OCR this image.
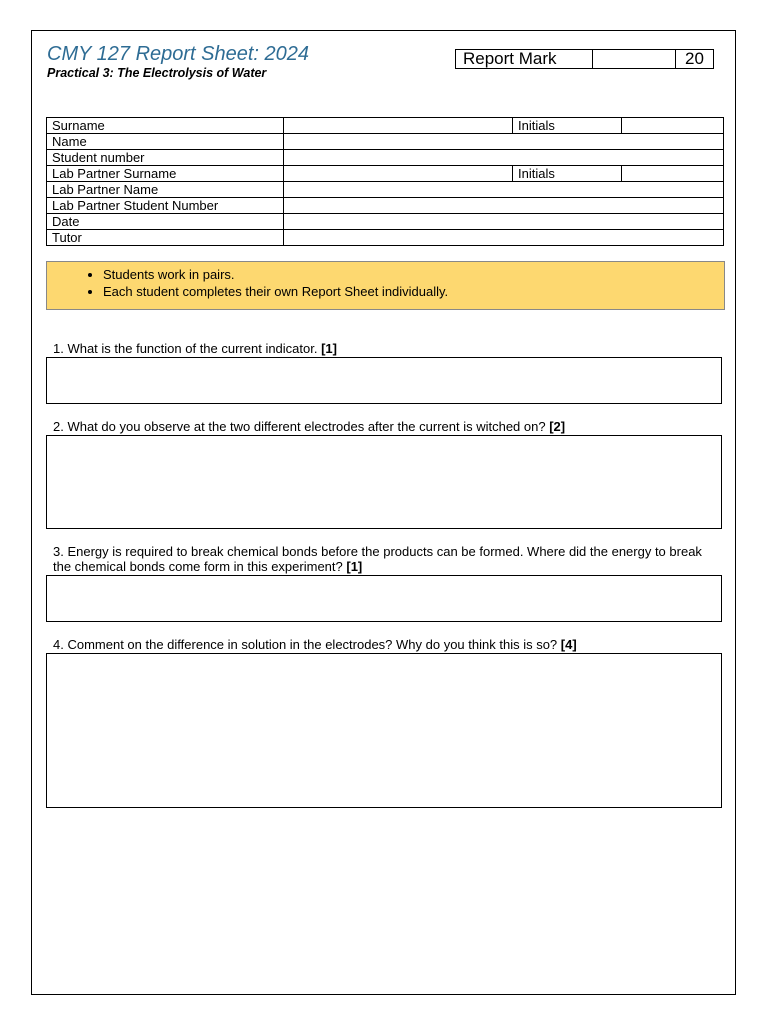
CMY 127 Report Sheet: 2024
Practical 3: The Electrolysis of Water
Report Mark	20
Surname		Initials	
Name			
Student number			
Lab Partner Surname		Initials	
Lab Partner Name			
Lab Partner Student Number			
Date			
Tutor			
• Students work in pairs.
• Each student completes their own Report Sheet individually.
1. What is the function of the current indicator. [1]
2. What do you observe at the two different electrodes after the current is witched on? [2]
3. Energy is required to break chemical bonds before the products can be formed. Where did the energy to break the chemical bonds come form in this experiment? [1]
4. Comment on the difference in solution in the electrodes? Why do you think this is so? [4]
